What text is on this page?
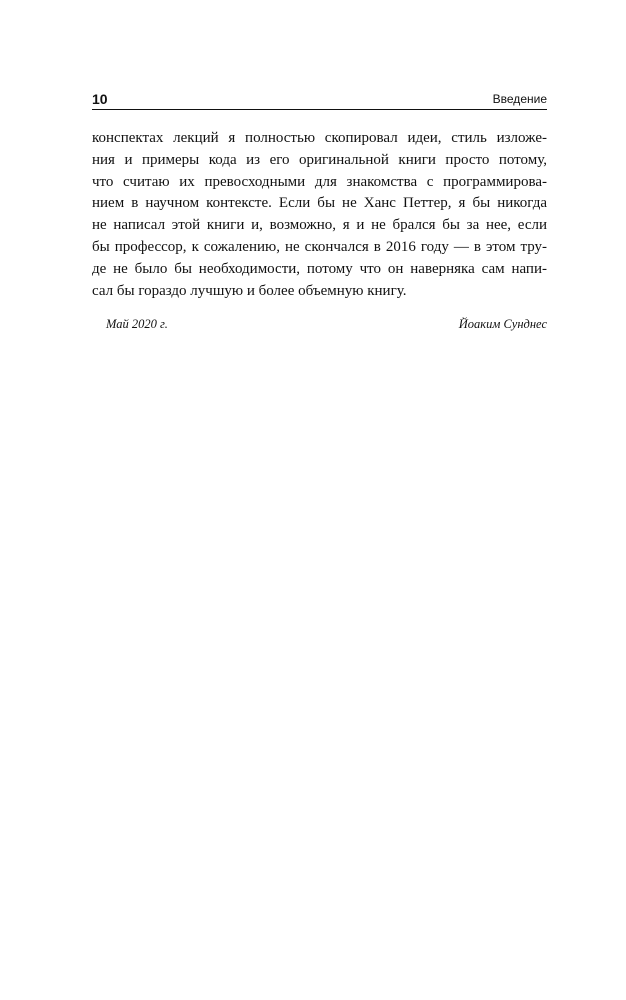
10	Введение
конспектах лекций я полностью скопировал идеи, стиль изложе-
ния и примеры кода из его оригинальной книги просто потому,
что считаю их превосходными для знакомства с программирова-
нием в научном контексте. Если бы не Ханс Петтер, я бы никогда
не написал этой книги и, возможно, я и не брался бы за нее, если
бы профессор, к сожалению, не скончался в 2016 году — в этом тру-
де не было бы необходимости, потому что он наверняка сам напи-
сал бы гораздо лучшую и более объемную книгу.
Май 2020 г.	Йоаким Сунднес
